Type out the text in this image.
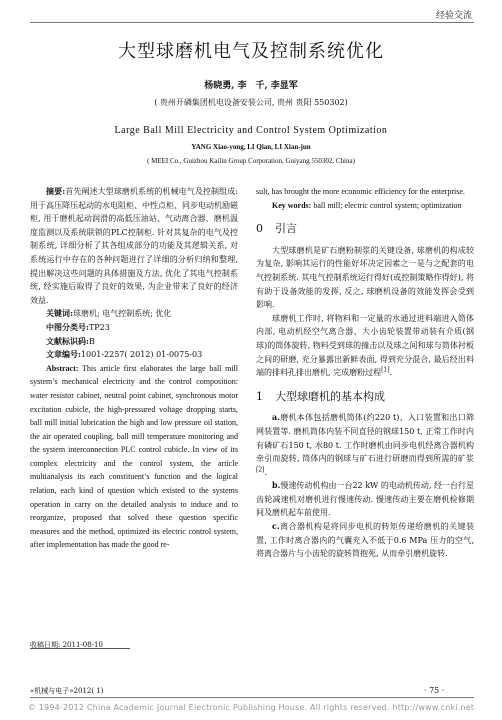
经验交流
大型球磨机电气及控制系统优化
杨晓勇, 李　千, 李显军
( 贵州开磷集团机电设备安装公司, 贵州 贵阳 550302)
Large Ball Mill Electricity and Control System Optimization
YANG Xiao-yong, LI Qian, LI Xian-jun
( MEEI Co., Guizhou Kailin Group Corporation, Guiyang 550302, China)

摘要:首先阐述大型球磨机系统的机械电气及控制组成: 用于高压降压起动的水电阻柜、中性点柜、同步电动机励磁柜, 用于磨机起动润滑的高低压油站、气动离合器、磨机温度监测以及系统联锁的PLC控制柜. 针对其复杂的电气及控制系统, 详细分析了其各组成部分的功能及其逻辑关系, 对系统运行中存在的各种问题进行了详细的分析归纳和整理, 提出解决这些问题的具体措施及方法, 优化了其电气控制系统, 经实施后取得了良好的效果, 为企业带来了良好的经济效益.

关键词:球磨机; 电气控制系统; 优化

中图分类号:TP23

文献标识码:B

文章编号:1001-2257( 2012) 01-0075-03

Abstract: This article first elaborates the large ball mill system’s mechanical electricity and the control composition: water resistor cabinet, neutral point cabinet, synchronous motor excitation cubicle, the high-pressured voltage dropping starts, ball mill initial lubrication the high and low pressure oil station, the air operated coupling, ball mill temperature monitoring and the system interconnection PLC control cubicle. In view of its complex electricity and the control system, the article multianalysis its each constituent’s function and the logical relation, each kind of question which existed to the systems operation in carry on the detailed analysis to induce and to reorganize, proposed that solved these question specific measures and the method, optimized its electric control system, after implementation has made the good re-

sult, has brought the more economic efficiency for the enterprise.

Key words: ball mill; electric control system; optimization

0 引言

大型球磨机是矿石磨粉制浆的关键设备, 球磨机的构成较为复杂, 影响其运行的性能好坏决定因素之一是与之配套的电气控制系统. 其电气控制系统运行得好(或控制策略作得好), 将有助于设备效能的发挥, 反之, 球磨机设备的效能发挥会受到影响.

球磨机工作时, 将物料和一定量的水通过进料端进入筒体内部, 电动机经空气离合器、大小齿轮装置带动装有介质(钢球)的筒体旋转, 物料受到球的撞击以及球之间和球与筒体衬板之间的研磨, 充分暴露出新鲜表面, 得到充分混合, 最后经出料端的排料孔排出磨机, 完成磨粉过程[1].

1 大型球磨机的基本构成

a.磨机本体包括磨机筒体(约220 t)、入口装置和出口筛网装置等. 磨机筒体内装不同直径的钢球150 t, 正常工作时内有磷矿石150 t, 水80 t. 工作时磨机由同步电机经离合器机构牵引而旋转, 筒体内的钢球与矿石进行研磨而得到所需的矿浆[2].

b.慢速传动机构由一台22 kW 的电动机传动, 经一台行星齿轮减速机对磨机进行慢速传动. 慢速传动主要在磨机检修期间及磨机起车前使用.

c.离合器机构是将同步电机的转矩传递给磨机的关键装置, 工作时离合器内的气囊充入不低于0.6 MPa 压力的空气, 将离合器片与小齿轮的旋转筒抱死, 从而牵引磨机旋转.

收稿日期: 2011-08-10
«机械与电子»2012( 1)	· 75 ·
© 1994-2012 China Academic Journal Electronic Publishing House. All rights reserved. http://www.cnki.net
